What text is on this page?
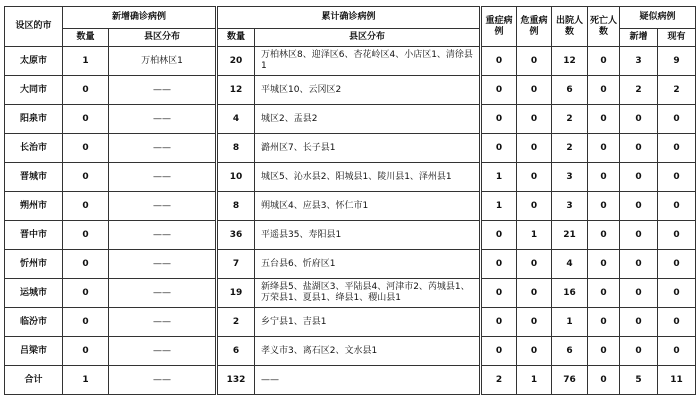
设区的市	新增确诊病例		累计确诊病例		重症病例	危重病例	出院人数	死亡人数	疑似病例	
	数量	县区分布	数量	县区分布					新增	现有
太原市	1	万柏林区1	20	万柏林区8、迎泽区6、杏花岭区4、小店区1、清徐县1	0	0	12	0	3	9
大同市	0	——	12	平城区10、云冈区2	0	0	6	0	2	2
阳泉市	0	——	4	城区2、盂县2	0	0	2	0	0	0
长治市	0	——	8	潞州区7、长子县1	0	0	2	0	0	0
晋城市	0	——	10	城区5、沁水县2、阳城县1、陵川县1、泽州县1	1	0	3	0	0	0
朔州市	0	——	8	朔城区4、应县3、怀仁市1	1	0	3	0	0	0
晋中市	0	——	36	平遥县35、寿阳县1	0	1	21	0	0	0
忻州市	0	——	7	五台县6、忻府区1	0	0	4	0	0	0
运城市	0	——	19	新绛县5、盐湖区3、平陆县4、河津市2、芮城县1、万荣县1、夏县1、绛县1、稷山县1	0	0	16	0	0	0
临汾市	0	——	2	乡宁县1、吉县1	0	0	1	0	0	0
吕梁市	0	——	6	孝义市3、离石区2、文水县1	0	0	6	0	0	0
合计	1	——	132	——	2	1	76	0	5	11
